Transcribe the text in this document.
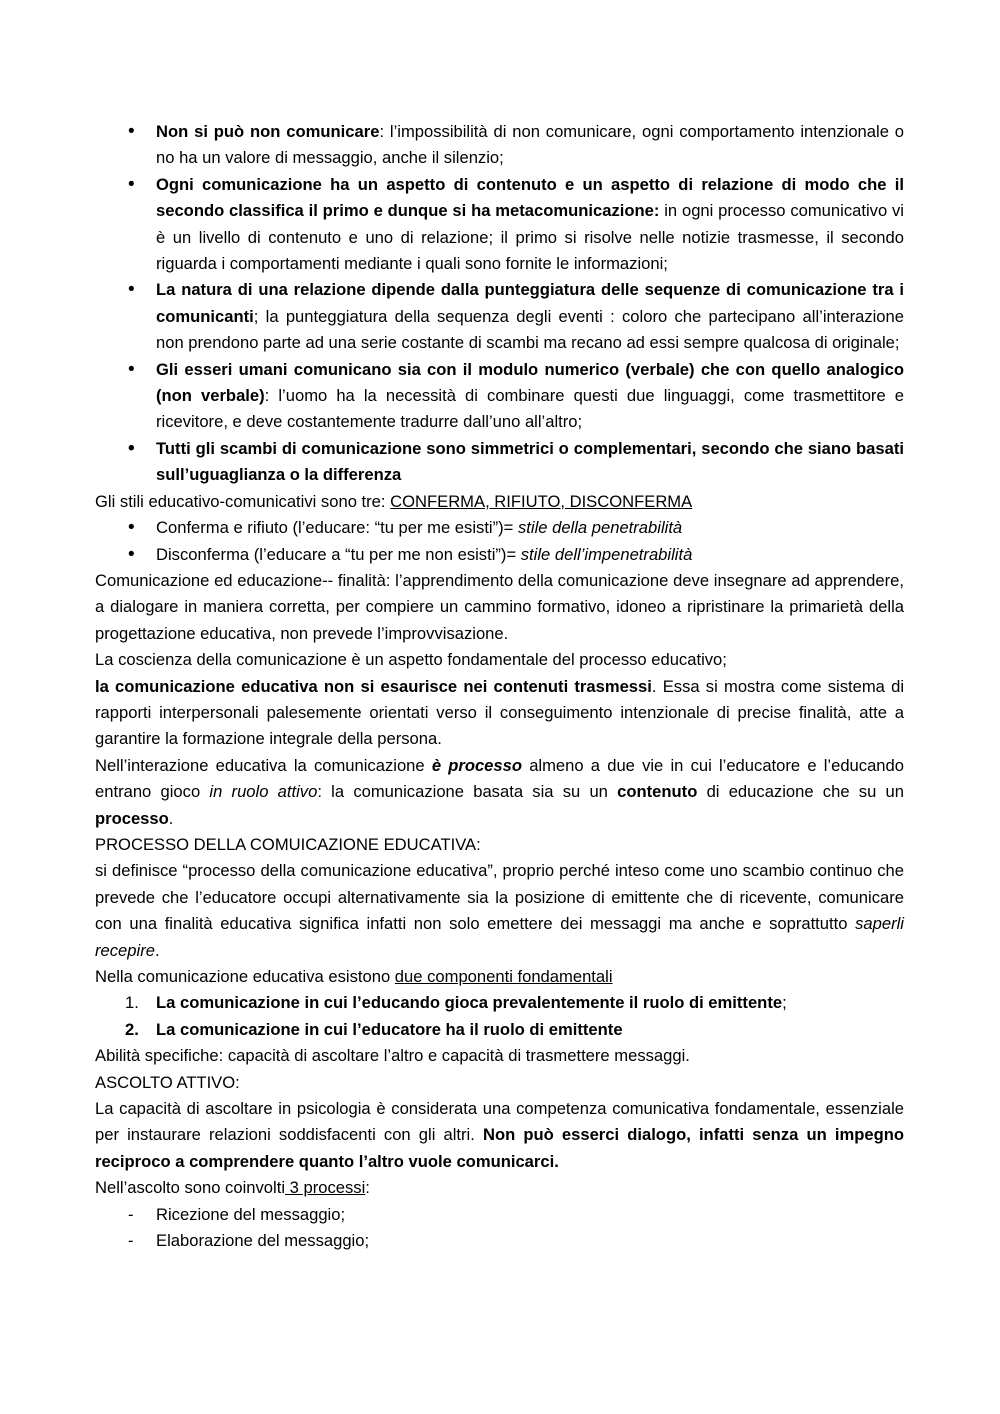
• Non si può non comunicare: l’impossibilità di non comunicare, ogni comportamento intenzionale o no ha un valore di messaggio, anche il silenzio;

• Ogni comunicazione ha un aspetto di contenuto e un aspetto di relazione di modo che il secondo classifica il primo e dunque si ha metacomunicazione: in ogni processo comunicativo vi è un livello di contenuto e uno di relazione; il primo si risolve nelle notizie trasmesse, il secondo riguarda i comportamenti mediante i quali sono fornite le informazioni;

• La natura di una relazione dipende dalla punteggiatura delle sequenze di comunicazione tra i comunicanti; la punteggiatura della sequenza degli eventi : coloro che partecipano all’interazione non prendono parte ad una serie costante di scambi ma recano ad essi sempre qualcosa di originale;

• Gli esseri umani comunicano sia con il modulo numerico (verbale) che con quello analogico (non verbale): l’uomo ha la necessità di combinare questi due linguaggi, come trasmettitore e ricevitore, e deve costantemente tradurre dall’uno all’altro;

• Tutti gli scambi di comunicazione sono simmetrici o complementari, secondo che siano basati sull’uguaglianza o la differenza

Gli stili educativo-comunicativi sono tre: CONFERMA, RIFIUTO, DISCONFERMA

• Conferma e rifiuto (l’educare: “tu per me esisti”)= stile della penetrabilità

• Disconferma (l’educare a “tu per me non esisti”)= stile dell’impenetrabilità

Comunicazione ed educazione-- finalità: l’apprendimento della comunicazione deve insegnare ad apprendere, a dialogare in maniera corretta, per compiere un cammino formativo, idoneo a ripristinare la primarietà della progettazione educativa, non prevede l’improvvisazione.

La coscienza della comunicazione è un aspetto fondamentale del processo educativo;

la comunicazione educativa non si esaurisce nei contenuti trasmessi. Essa si mostra come sistema di rapporti interpersonali palesemente orientati verso il conseguimento intenzionale di precise finalità, atte a garantire la formazione integrale della persona.

Nell’interazione educativa la comunicazione è processo almeno a due vie in cui l’educatore e l’educando entrano gioco in ruolo attivo: la comunicazione basata sia su un contenuto di educazione che su un processo.

PROCESSO DELLA COMUICAZIONE EDUCATIVA:

si definisce “processo della comunicazione educativa”, proprio perché inteso come uno scambio continuo che prevede che l’educatore occupi alternativamente sia la posizione di emittente che di ricevente, comunicare con una finalità educativa significa infatti non solo emettere dei messaggi ma anche e soprattutto saperli recepire.

Nella comunicazione educativa esistono due componenti fondamentali

1. La comunicazione in cui l’educando gioca prevalentemente il ruolo di emittente;

2. La comunicazione in cui l’educatore ha il ruolo di emittente

Abilità specifiche: capacità di ascoltare l’altro e capacità di trasmettere messaggi.

ASCOLTO ATTIVO:

La capacità di ascoltare in psicologia è considerata una competenza comunicativa fondamentale, essenziale per instaurare relazioni soddisfacenti con gli altri. Non può esserci dialogo, infatti senza un impegno reciproco a comprendere quanto l’altro vuole comunicarci.

Nell’ascolto sono coinvolti 3 processi:

- Ricezione del messaggio;

- Elaborazione del messaggio;
